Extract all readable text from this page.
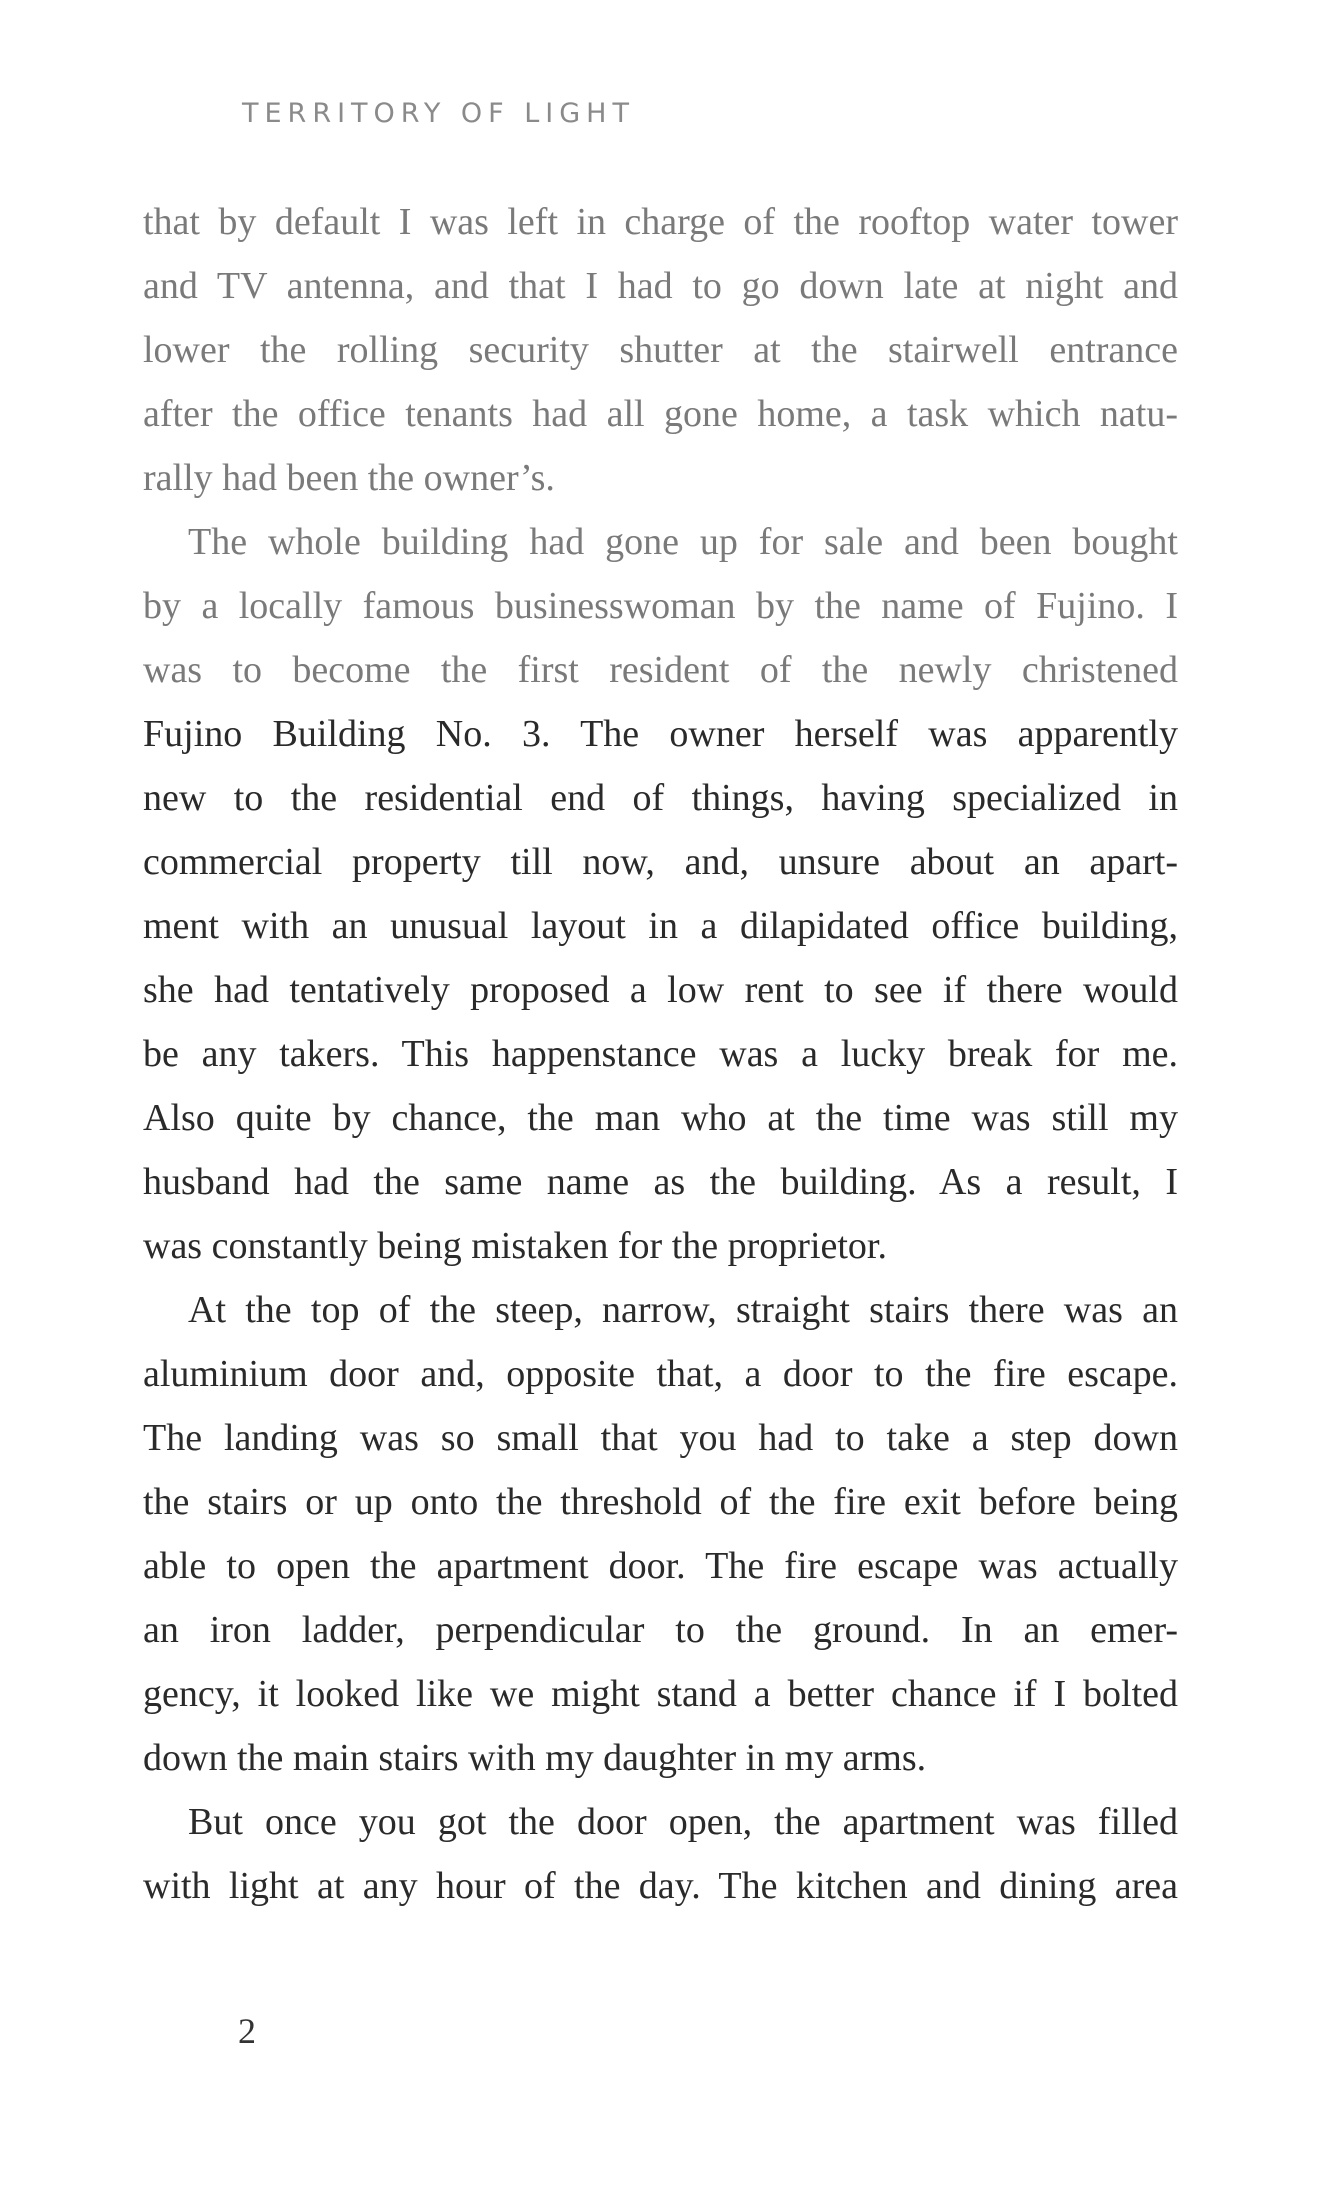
TERRITORY OF LIGHT
that by default I was left in charge of the rooftop water tower
and TV antenna, and that I had to go down late at night and
lower the rolling security shutter at the stairwell entrance
after the office tenants had all gone home, a task which natu-
rally had been the owner’s.
The whole building had gone up for sale and been bought
by a locally famous businesswoman by the name of Fujino. I
was to become the first resident of the newly christened
Fujino Building No. 3. The owner herself was apparently
new to the residential end of things, having specialized in
commercial property till now, and, unsure about an apart-
ment with an unusual layout in a dilapidated office building,
she had tentatively proposed a low rent to see if there would
be any takers. This happenstance was a lucky break for me.
Also quite by chance, the man who at the time was still my
husband had the same name as the building. As a result, I
was constantly being mistaken for the proprietor.
At the top of the steep, narrow, straight stairs there was an
aluminium door and, opposite that, a door to the fire escape.
The landing was so small that you had to take a step down
the stairs or up onto the threshold of the fire exit before being
able to open the apartment door. The fire escape was actually
an iron ladder, perpendicular to the ground. In an emer-
gency, it looked like we might stand a better chance if I bolted
down the main stairs with my daughter in my arms.
But once you got the door open, the apartment was filled
with light at any hour of the day. The kitchen and dining area
2
